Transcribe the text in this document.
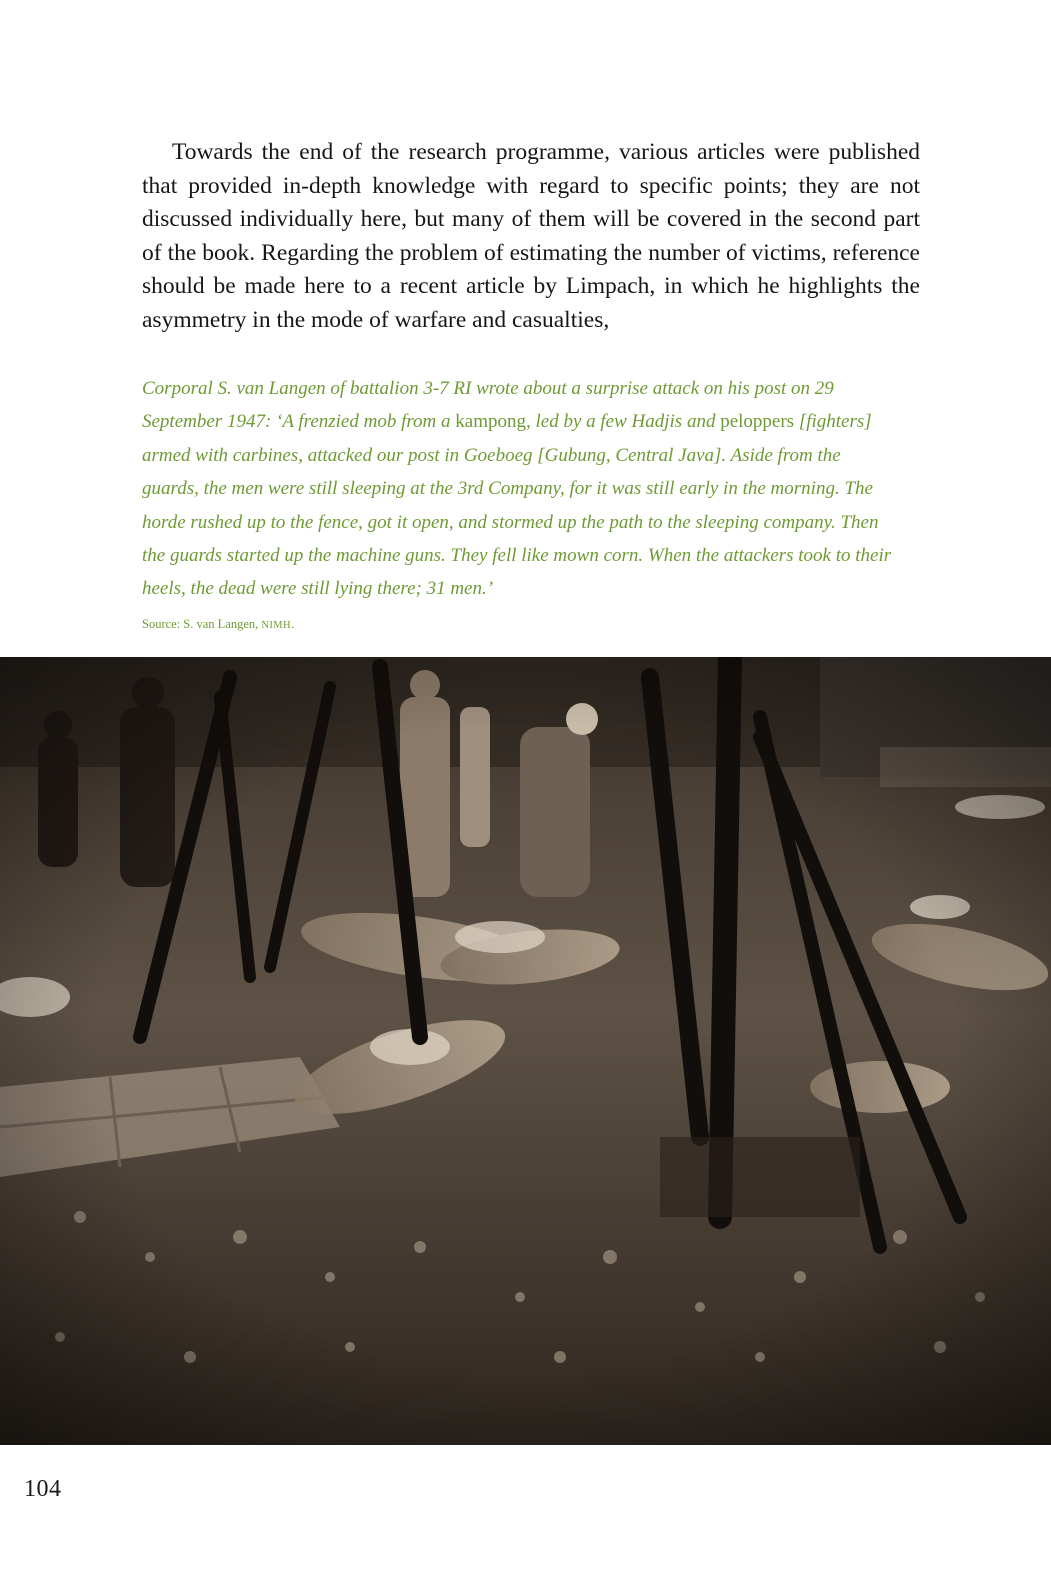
Towards the end of the research programme, various articles were published that provided in-depth knowledge with regard to specific points; they are not discussed individually here, but many of them will be covered in the second part of the book. Regarding the problem of estimating the number of victims, reference should be made here to a recent article by Limpach, in which he highlights the asymmetry in the mode of warfare and casualties,

Corporal S. van Langen of battalion 3-7 RI wrote about a surprise attack on his post on 29 September 1947: ‘A frenzied mob from a kampong, led by a few Hadjis and peloppers [fighters] armed with carbines, attacked our post in Goeboeg [Gubung, Central Java]. Aside from the guards, the men were still sleeping at the 3rd Company, for it was still early in the morning. The horde rushed up to the fence, got it open, and stormed up the path to the sleeping company. Then the guards started up the machine guns. They fell like mown corn. When the attackers took to their heels, the dead were still lying there; 31 men.’

Source: S. van Langen, NIMH.

104
